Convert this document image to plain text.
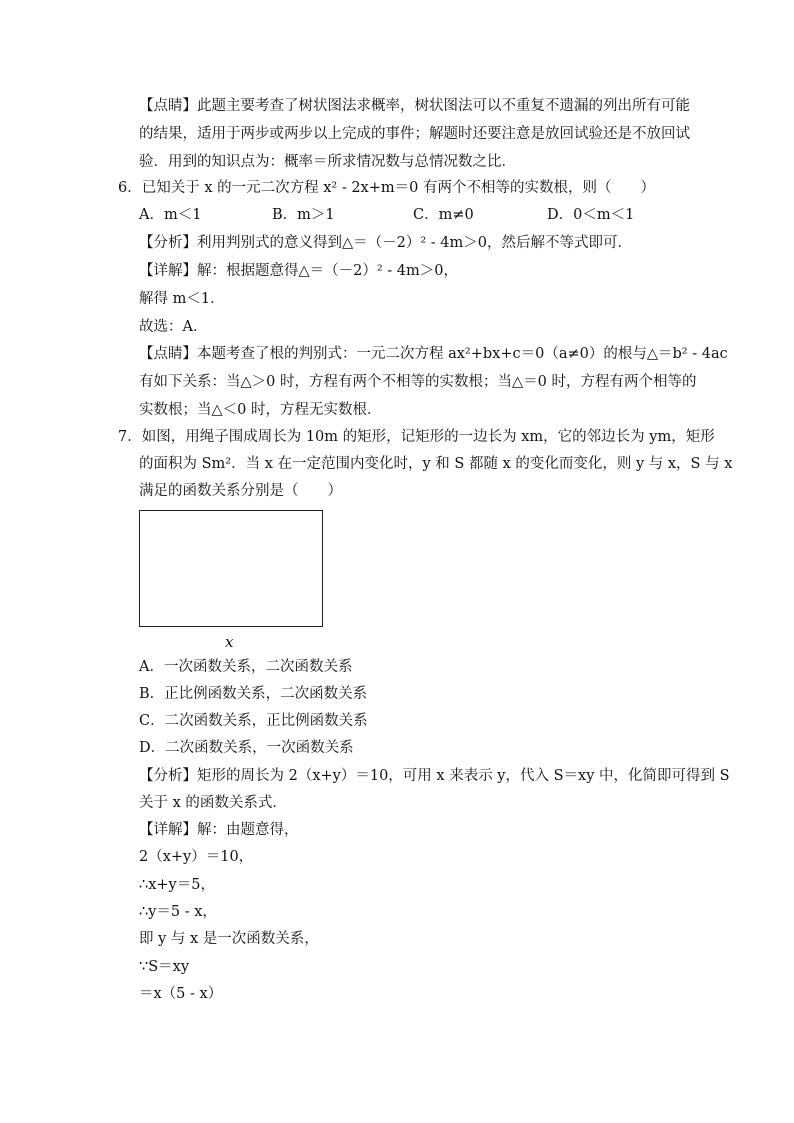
【点睛】此题主要考查了树状图法求概率，树状图法可以不重复不遗漏的列出所有可能
的结果，适用于两步或两步以上完成的事件；解题时还要注意是放回试验还是不放回试
验．用到的知识点为：概率＝所求情况数与总情况数之比．
6．已知关于 x 的一元二次方程 x² - 2x+m＝0 有两个不相等的实数根，则（　　）
A．m＜1	B．m＞1	C．m≠0	D．0＜m＜1
【分析】利用判别式的意义得到△＝（－2）² - 4m＞0，然后解不等式即可．
【详解】解：根据题意得△＝（－2）² - 4m＞0，
解得 m＜1．
故选：A．
【点睛】本题考查了根的判别式：一元二次方程 ax²+bx+c＝0（a≠0）的根与△＝b² - 4ac
有如下关系：当△＞0 时，方程有两个不相等的实数根；当△＝0 时，方程有两个相等的
实数根；当△＜0 时，方程无实数根．
7．如图，用绳子围成周长为 10m 的矩形，记矩形的一边长为 xm，它的邻边长为 ym，矩形
的面积为 Sm²．当 x 在一定范围内变化时，y 和 S 都随 x 的变化而变化，则 y 与 x，S 与 x
满足的函数关系分别是（　　）
x
A．一次函数关系，二次函数关系
B．正比例函数关系，二次函数关系
C．二次函数关系，正比例函数关系
D．二次函数关系，一次函数关系
【分析】矩形的周长为 2（x+y）＝10，可用 x 来表示 y，代入 S＝xy 中，化简即可得到 S
关于 x 的函数关系式．
【详解】解：由题意得，
2（x+y）＝10，
∴x+y＝5，
∴y＝5 - x，
即 y 与 x 是一次函数关系，
∵S＝xy
＝x（5 - x）
